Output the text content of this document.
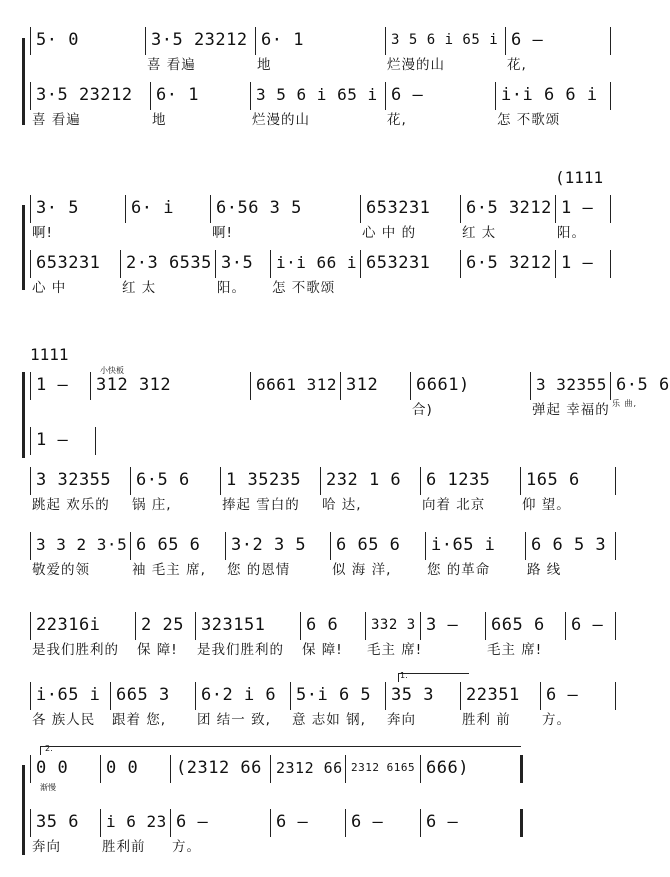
5· 0	3·5 23212
喜 看遍
6· 1
地
3 5 6 i 65 i
烂漫的山
6 –
花,
3·5 23212
喜 看遍
6· 1
地
3 5 6 i 65 i
烂漫的山
6 –
花,
i·i 6 6 i
怎 不歌颂
3· 5
啊!
6· i 6·56 3 5
啊!
653231
心 中 的
6·5 3212
红 太
1 –
阳。
653231
心 中
2·3 6535
红 太
3·5
阳。
i·i 66 i
怎 不歌颂
653231 6·5 3212 1 –
(1111
1 – 312 312	6661 312 312 6661)
合)
3 32355
弹起 幸福的
6·5 6
乐 曲,
1 –
1111
小快板
3 32355
跳起 欢乐的
6·5 6
锅 庄,
1 35235
捧起 雪白的
232 1 6
哈 达,
6 1235
向着 北京
165 6
仰 望。
3 3 2 3·5
敬爱的领
6 65 6
袖 毛主 席,
3·2 3 5
您 的恩情
6 65 6
似 海 洋,
i·65 i
您 的革命
6 6 5 3
路 线
22316i
是我们胜利的
2 25
保 障!
323151
是我们胜利的
6 6
保 障!
332 3
毛主 席!
3 – 665 6
毛主 席!
6 –
i·65 i
各 族人民
665 3
跟着 您,
6·2 i 6
团 结一 致,
5·i 6 5
意 志如 钢,
35 3
奔向
22351
胜利 前
6 –
方。
1.
0 0 0 0 (2312 66 2312 66 2312 6165 666)
35 6
奔向
i 6 23
胜利前
6 –
方。
6 –	6 –	6 –
渐慢
2.
